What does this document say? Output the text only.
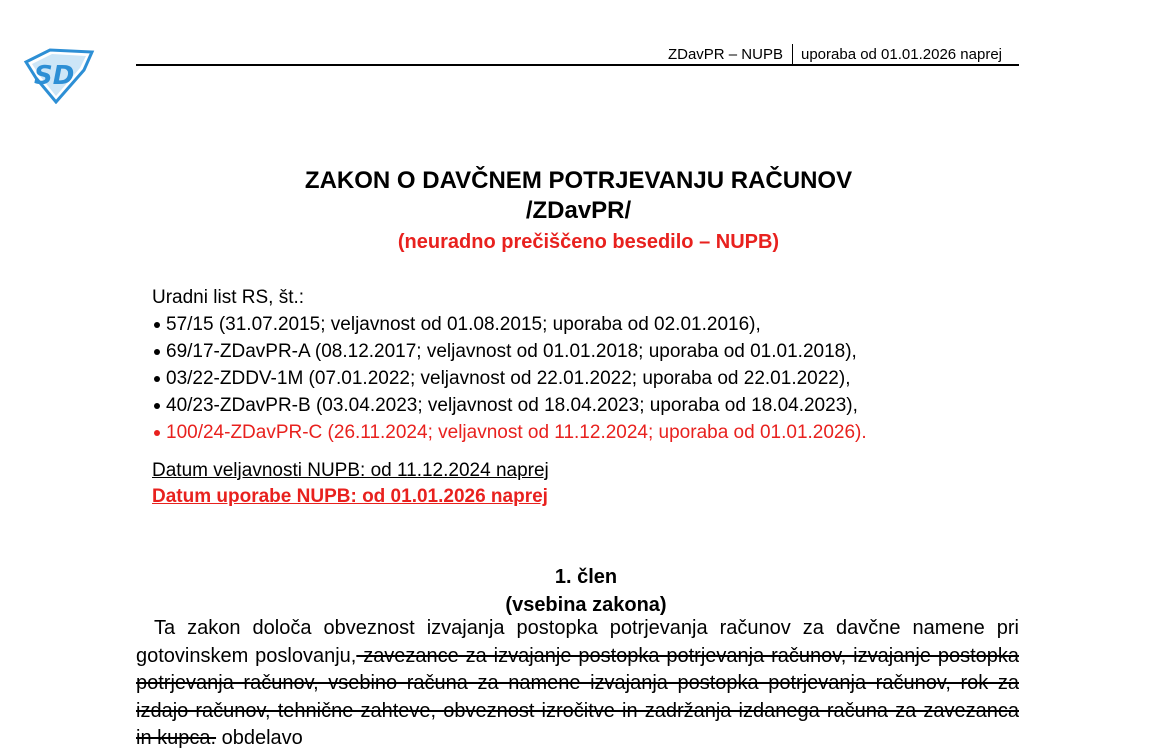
SD
ZDavPR – NUPB uporaba od 01.01.2026 naprej
ZAKON O DAVČNEM POTRJEVANJU RAČUNOV
/ZDavPR/
(neuradno prečiščeno besedilo – NUPB)
Uradni list RS, št.:
57/15 (31.07.2015; veljavnost od 01.08.2015; uporaba od 02.01.2016),
69/17-ZDavPR-A (08.12.2017; veljavnost od 01.01.2018; uporaba od 01.01.2018),
03/22-ZDDV-1M (07.01.2022; veljavnost od 22.01.2022; uporaba od 22.01.2022),
40/23-ZDavPR-B (03.04.2023; veljavnost od 18.04.2023; uporaba od 18.04.2023),
100/24-ZDavPR-C (26.11.2024; veljavnost od 11.12.2024; uporaba od 01.01.2026).
Datum veljavnosti NUPB: od 11.12.2024 naprej
Datum uporabe NUPB: od 01.01.2026 naprej
1. člen
(vsebina zakona)
Ta zakon določa obveznost izvajanja postopka potrjevanja računov za davčne namene pri gotovinskem poslovanju, zavezance za izvajanje postopka potrjevanja računov, izvajanje postopka potrjevanja računov, vsebino računa za namene izvajanja postopka potrjevanja računov, rok za izdajo računov, tehnične zahteve, obveznost izročitve in zadržanja izdanega računa za zavezanca in kupca. obdelavo
